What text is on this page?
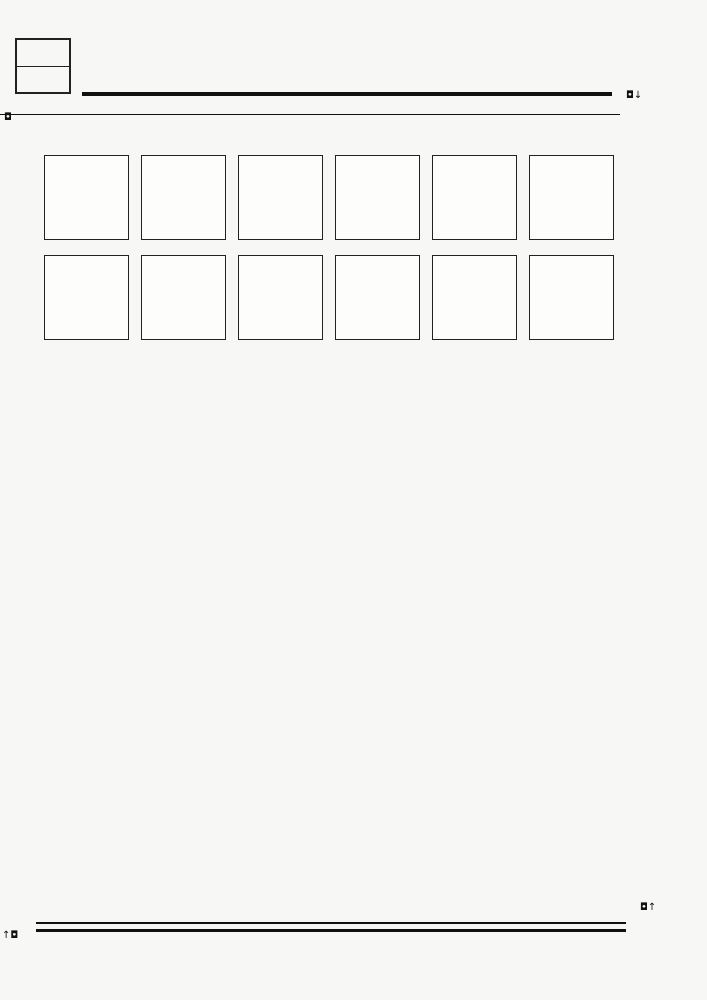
◘↓
◘
◘↑
↑◘
